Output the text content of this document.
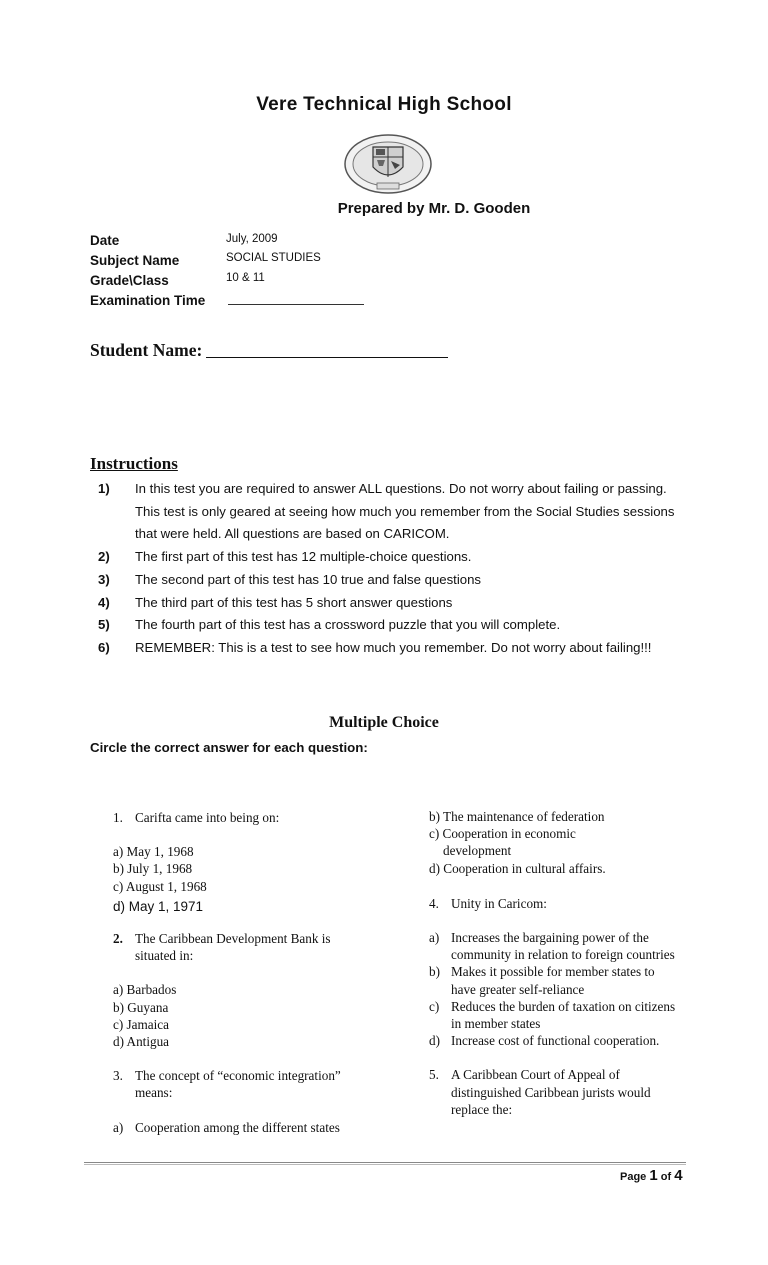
Vere Technical High School
Prepared by Mr. D. Gooden
Date	July, 2009
Subject Name	SOCIAL STUDIES
Grade\Class	10 & 11
Examination Time
Student Name:
Instructions
1)	In this test you are required to answer ALL questions. Do not worry about failing or passing. This test is only geared at seeing how much you remember from the Social Studies sessions that were held. All questions are based on CARICOM.
2)	The first part of this test has 12 multiple-choice questions.
3)	The second part of this test has 10 true and false questions
4)	The third part of this test has 5 short answer questions
5)	The fourth part of this test has a crossword puzzle that you will complete.
6)	REMEMBER: This is a test to see how much you remember. Do not worry about failing!!!
Multiple Choice
Circle the correct answer for each question:
1. Carifta came into being on:

a) May 1, 1968

b) July 1, 1968

c) August 1, 1968

d) May 1, 1971

2. The Caribbean Development Bank is situated in:

a) Barbados

b) Guyana

c) Jamaica

d) Antigua

3. The concept of “economic integration” means:
a) Cooperation among the different states

b) The maintenance of federation

c) Cooperation in economic development

d) Cooperation in cultural affairs.

4. Unity in Caricom:
a) Increases the bargaining power of the community in relation to foreign countries
b) Makes it possible for member states to have greater self-reliance
c) Reduces the burden of taxation on citizens in member states
d) Increase cost of functional cooperation.
5. A Caribbean Court of Appeal of distinguished Caribbean jurists would replace the:
Page 1 of 4
